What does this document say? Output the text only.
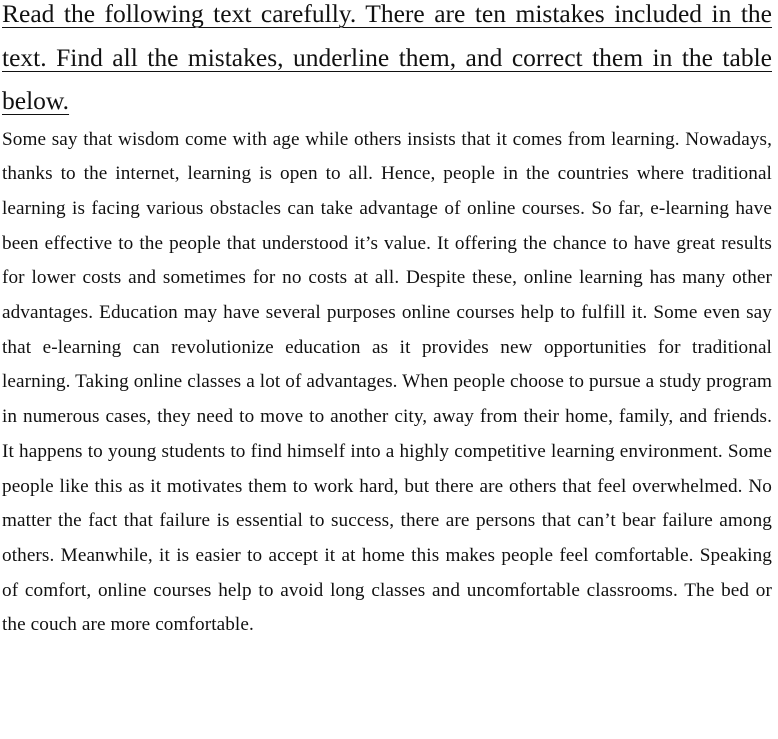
Read the following text carefully. There are ten mistakes included in the text. Find all the mistakes, underline them, and correct them in the table below.

Some say that wisdom come with age while others insists that it comes from learning. Nowadays, thanks to the internet, learning is open to all. Hence, people in the countries where traditional learning is facing various obstacles can take advantage of online courses. So far, e-learning have been effective to the people that understood it’s value. It offering the chance to have great results for lower costs and sometimes for no costs at all. Despite these, online learning has many other advantages. Education may have several purposes online courses help to fulfill it. Some even say that e-learning can revolutionize education as it provides new opportunities for traditional learning. Taking online classes a lot of advantages. When people choose to pursue a study program in numerous cases, they need to move to another city, away from their home, family, and friends. It happens to young students to find himself into a highly competitive learning environment. Some people like this as it motivates them to work hard, but there are others that feel overwhelmed. No matter the fact that failure is essential to success, there are persons that can’t bear failure among others. Meanwhile, it is easier to accept it at home this makes people feel comfortable. Speaking of comfort, online courses help to avoid long classes and uncomfortable classrooms. The bed or the couch are more comfortable.
